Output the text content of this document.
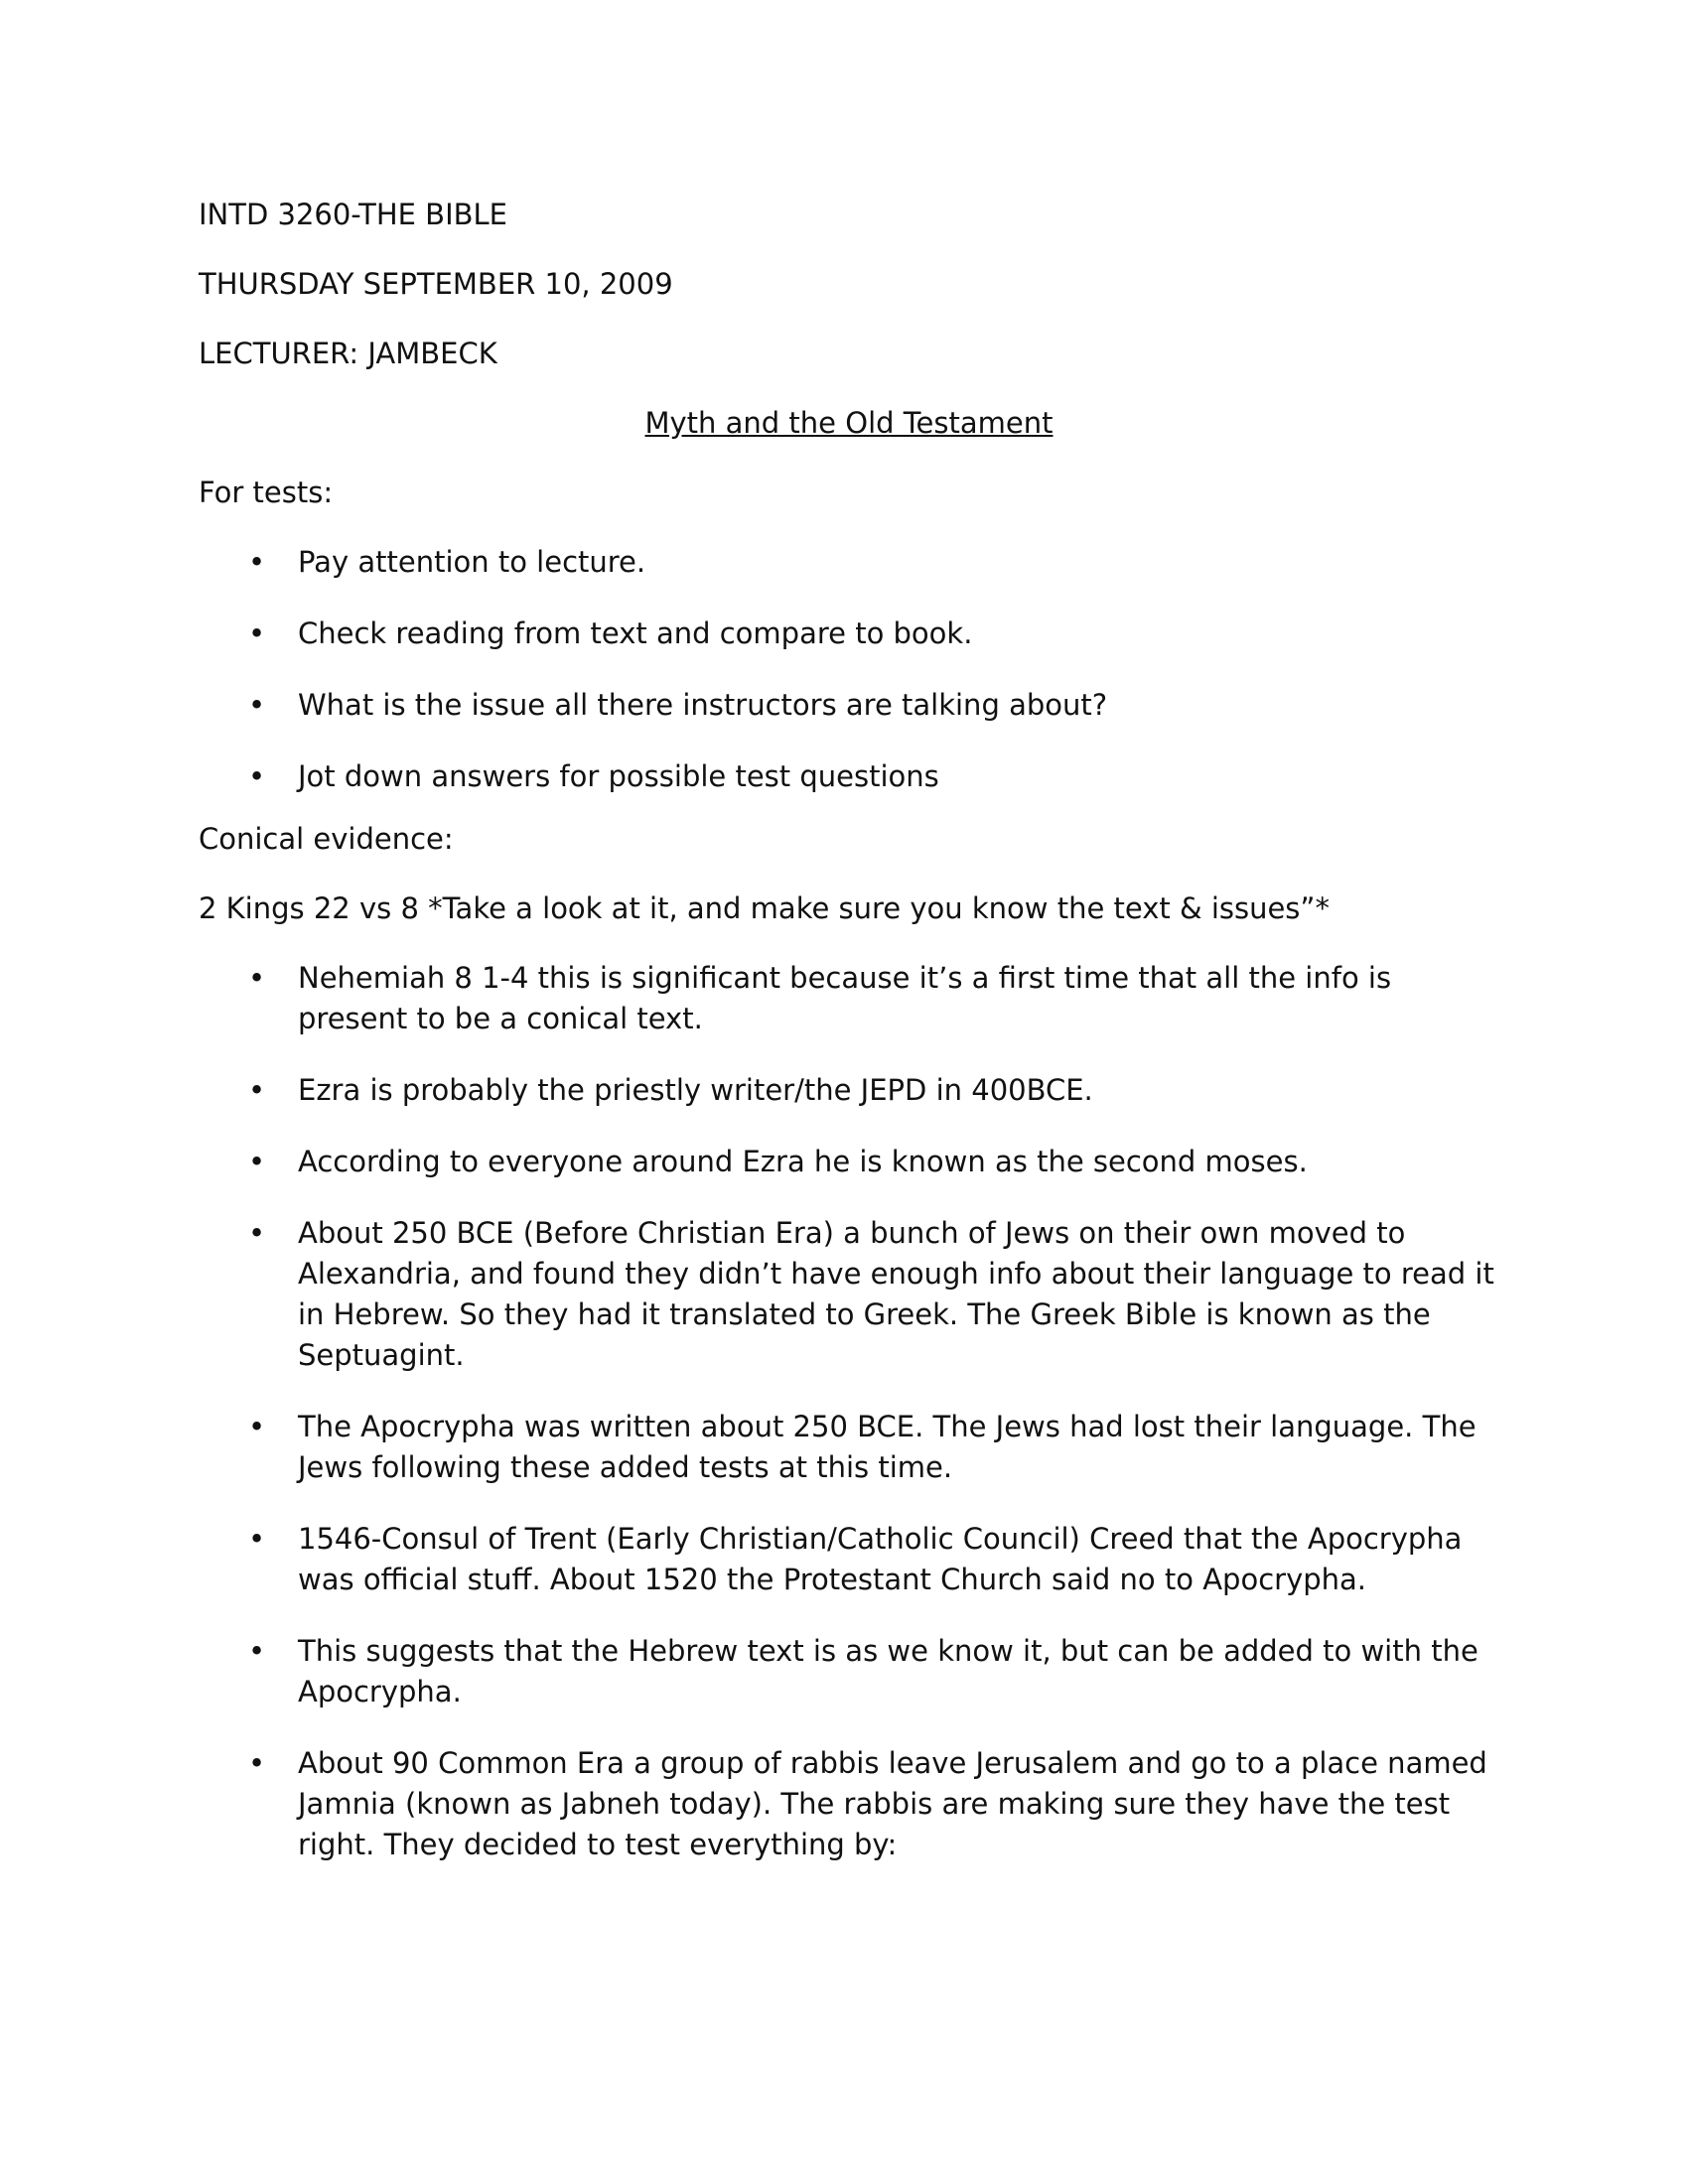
INTD 3260-THE BIBLE
THURSDAY SEPTEMBER 10, 2009
LECTURER: JAMBECK
Myth and the Old Testament
For tests:
• Pay attention to lecture.
• Check reading from text and compare to book.
• What is the issue all there instructors are talking about?
• Jot down answers for possible test questions
Conical evidence:
2 Kings 22 vs 8 *Take a look at it, and make sure you know the text & issues”*
• Nehemiah 8 1-4 this is significant because it’s a first time that all the info is present to be a conical text.
• Ezra is probably the priestly writer/the JEPD in 400BCE.
• According to everyone around Ezra he is known as the second moses.
• About 250 BCE (Before Christian Era) a bunch of Jews on their own moved to Alexandria, and found they didn’t have enough info about their language to read it in Hebrew. So they had it translated to Greek. The Greek Bible is known as the Septuagint.
• The Apocrypha was written about 250 BCE. The Jews had lost their language. The Jews following these added tests at this time.
• 1546-Consul of Trent (Early Christian/Catholic Council) Creed that the Apocrypha was official stuff. About 1520 the Protestant Church said no to Apocrypha.
• This suggests that the Hebrew text is as we know it, but can be added to with the Apocrypha.
• About 90 Common Era a group of rabbis leave Jerusalem and go to a place named Jamnia (known as Jabneh today). The rabbis are making sure they have the test right. They decided to test everything by:
